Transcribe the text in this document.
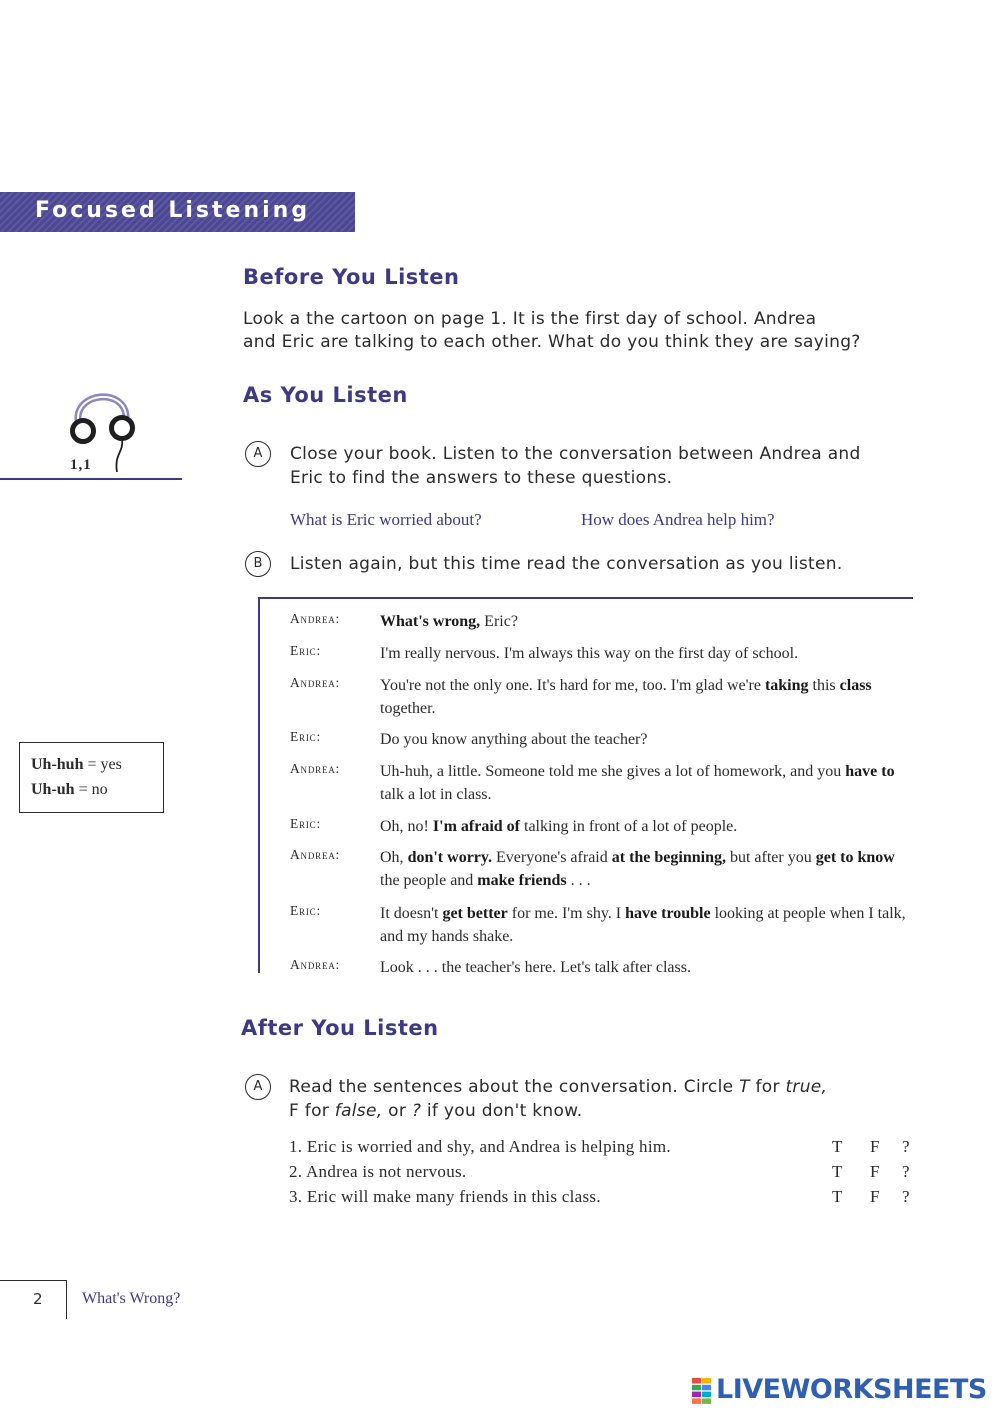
Focused Listening
Before You Listen
Look a the cartoon on page 1. It is the first day of school. Andrea
and Eric are talking to each other. What do you think they are saying?
As You Listen
1,1
A	Close your book. Listen to the conversation between Andrea and
Eric to find the answers to these questions.
What is Eric worried about?	How does Andrea help him?
B	Listen again, but this time read the conversation as you listen.
Uh-huh = yes
Uh-uh = no
Andrea: What's wrong, Eric?
Eric:	I'm really nervous. I'm always this way on the first day of school.
Andrea: You're not the only one. It's hard for me, too. I'm glad we're taking this class together.
Eric:	Do you know anything about the teacher?
Andrea: Uh-huh, a little. Someone told me she gives a lot of homework, and you have to talk a lot in class.
Eric:	Oh, no! I'm afraid of talking in front of a lot of people.
Andrea: Oh, don't worry. Everyone's afraid at the beginning, but after you get to know the people and make friends . . .
Eric:	It doesn't get better for me. I'm shy. I have trouble looking at people when I talk, and my hands shake.
Andrea: Look . . . the teacher's here. Let's talk after class.
After You Listen
A	Read the sentences about the conversation. Circle T for true,
F for false, or ? if you don't know.
1. Eric is worried and shy, and Andrea is helping him.	T F ?
2. Andrea is not nervous.	T F ?
3. Eric will make many friends in this class.	T F ?
2 What's Wrong?
LIVEWORKSHEETS
